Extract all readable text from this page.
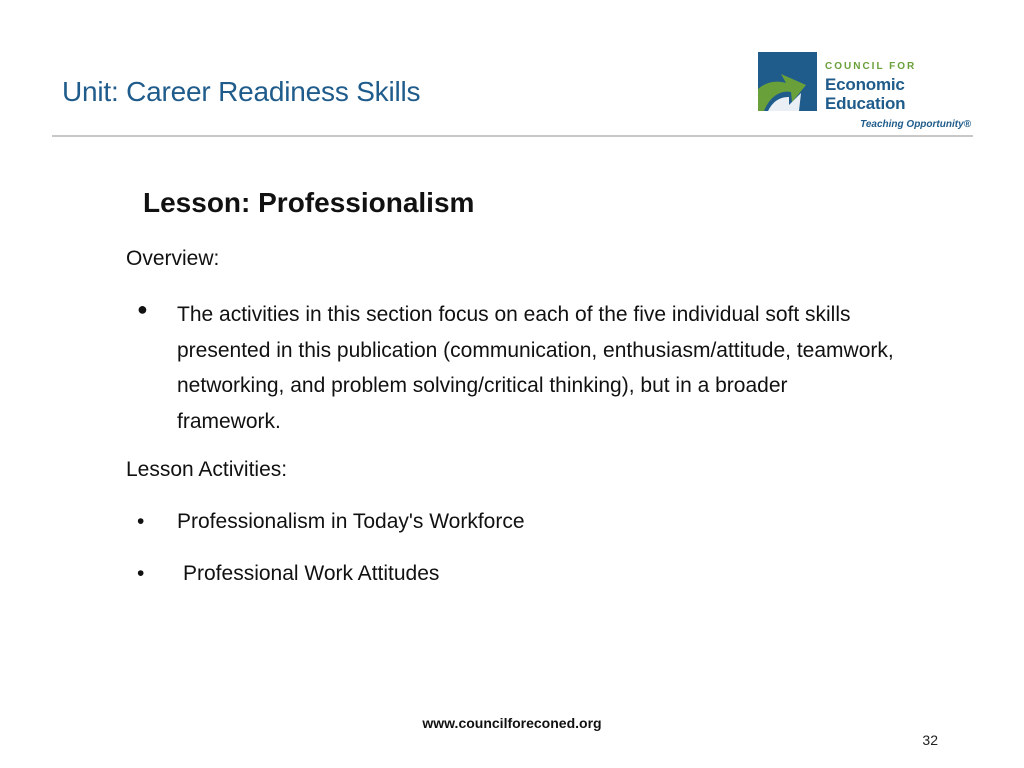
Unit: Career Readiness Skills
COUNCIL FOR
Economic
Education
Teaching Opportunity®
Lesson: Professionalism
Overview:
● The activities in this section focus on each of the five individual soft skills presented in this publication (communication, enthusiasm/attitude, teamwork, networking, and problem solving/critical thinking), but in a broader framework.
Lesson Activities:
• Professionalism in Today's Workforce
• Professional Work Attitudes
www.councilforeconed.org
32
